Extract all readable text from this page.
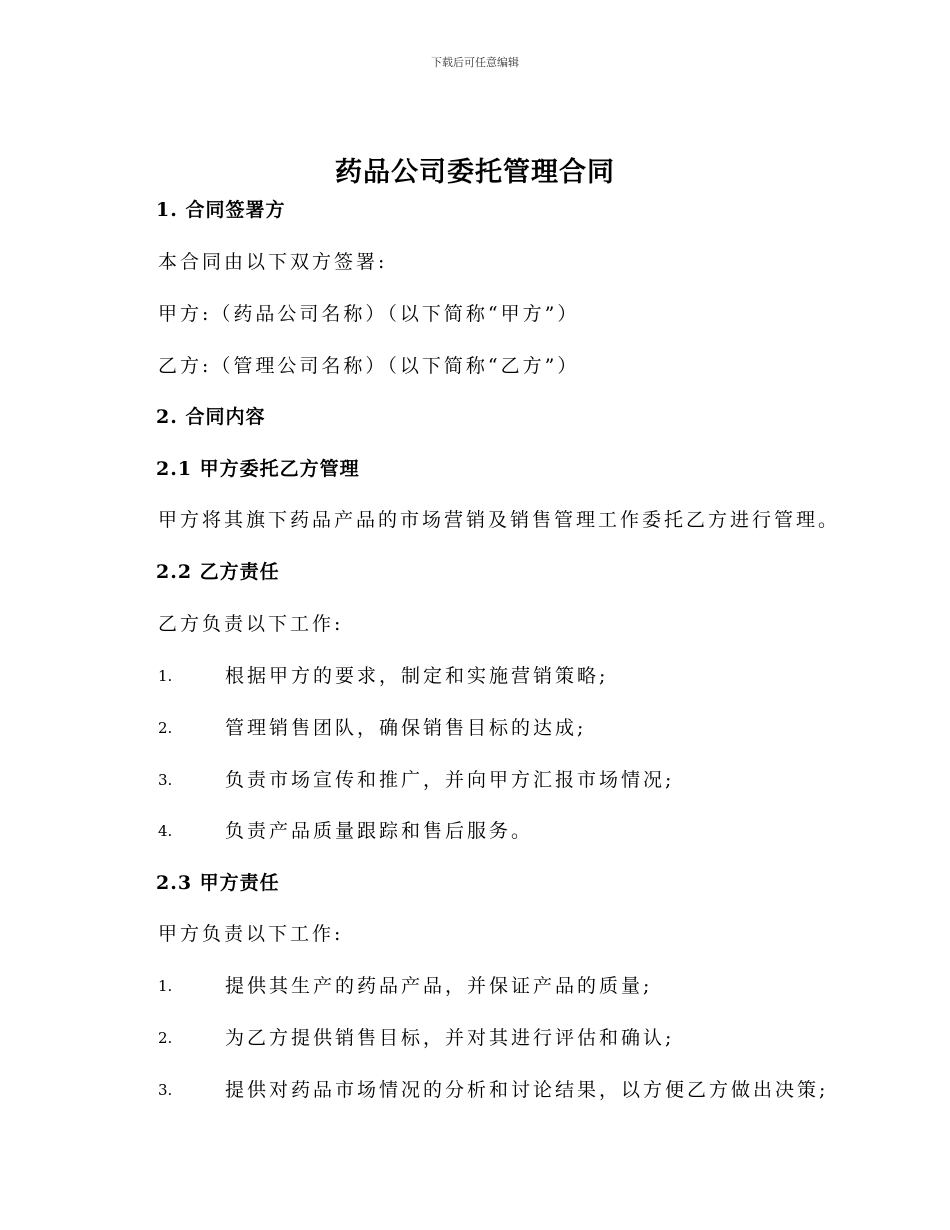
下载后可任意编辑
药品公司委托管理合同
1. 合同签署方
本合同由以下双方签署:
甲方:（药品公司名称）（以下简称“甲方”）
乙方:（管理公司名称）（以下简称“乙方”）
2. 合同内容
2.1 甲方委托乙方管理
甲方将其旗下药品产品的市场营销及销售管理工作委托乙方进行管理。
2.2 乙方责任
乙方负责以下工作:
1.	根据甲方的要求，制定和实施营销策略;
2.	管理销售团队，确保销售目标的达成;
3.	负责市场宣传和推广，并向甲方汇报市场情况;
4.	负责产品质量跟踪和售后服务。
2.3 甲方责任
甲方负责以下工作:
1.	提供其生产的药品产品，并保证产品的质量;
2.	为乙方提供销售目标，并对其进行评估和确认;
3.	提供对药品市场情况的分析和讨论结果，以方便乙方做出决策;
